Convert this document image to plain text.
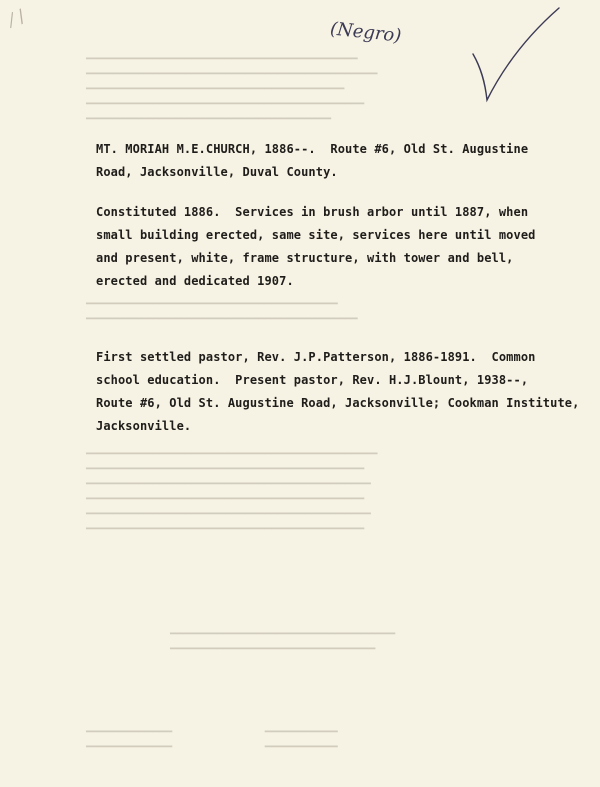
⁄ /	(Negro)
▔▔▔▔▔▔▔▔▔▔▔▔▔▔▔▔▔▔▔▔▔▔▔▔▔▔▔▔▔▔▔▔▔▔▔▔▔
▔▔▔▔▔▔▔▔▔▔▔▔▔▔▔▔▔▔▔▔▔▔▔▔▔▔▔▔▔▔▔▔▔▔▔▔▔▔▔▔▔▔
▔▔▔▔▔▔▔▔▔▔▔▔▔▔▔▔▔▔▔▔▔▔▔▔▔▔▔▔▔▔▔▔▔▔▔▔▔▔▔
▔▔▔▔▔▔▔▔▔▔▔▔▔▔▔▔▔▔▔▔▔▔▔▔▔▔▔▔▔▔▔▔▔▔▔▔▔▔▔▔▔▔▔▔
▔▔▔▔▔▔▔▔▔▔▔▔▔▔▔▔▔▔▔▔▔▔▔▔▔▔▔▔▔▔▔▔▔▔▔▔▔▔▔▔▔
▔▔▔▔▔▔▔▔▔▔▔▔▔▔▔▔▔▔▔▔▔▔▔▔▔▔▔▔▔▔▔▔▔▔▔▔▔▔▔▔▔
▔▔▔▔▔▔▔▔▔▔▔▔▔▔▔▔▔▔▔▔▔▔▔▔▔▔▔▔▔▔▔▔▔▔▔▔▔▔
▔▔▔▔▔▔▔▔▔▔▔▔▔▔▔▔▔▔▔▔▔▔▔▔▔▔▔▔▔▔▔▔▔▔▔▔▔▔▔▔▔▔
▔▔▔▔▔▔▔▔▔▔▔▔▔▔▔▔▔▔▔▔▔▔▔▔▔▔▔▔▔▔▔▔▔▔▔▔▔▔▔▔▔▔▔
▔▔▔▔▔▔▔▔▔▔▔▔▔▔▔▔▔▔▔▔▔▔▔▔▔▔▔▔▔▔▔▔▔▔▔▔▔▔▔▔▔▔
▔▔▔▔▔▔▔▔▔▔▔▔▔▔▔▔▔▔▔▔▔▔▔▔▔▔▔▔▔▔▔▔▔▔▔▔▔▔▔▔▔▔▔
▔▔▔▔▔▔▔▔▔▔▔▔▔▔▔▔▔▔▔▔▔▔▔▔▔▔▔▔▔▔▔▔▔▔▔▔▔▔▔▔▔▔
▔▔▔▔▔▔▔▔▔▔▔▔▔▔▔▔▔▔▔▔▔▔▔▔▔▔▔▔▔▔▔▔▔▔▔▔▔▔▔▔▔▔▔▔
▔▔▔▔▔▔▔▔▔▔▔▔▔▔▔▔▔▔▔▔▔▔▔▔▔▔▔▔▔▔▔
▔▔▔▔▔▔▔▔▔▔▔▔▔▔▔▔▔▔▔▔▔▔▔▔▔▔▔▔▔▔▔▔▔▔
▔▔▔▔▔▔▔▔▔▔▔▔▔              ▔▔▔▔▔▔▔▔▔▔▔
▔▔▔▔▔▔▔▔▔▔▔▔▔              ▔▔▔▔▔▔▔▔▔▔▔
MT. MORIAH M.E.CHURCH, 1886--.  Route #6, Old St. Augustine
Road, Jacksonville, Duval County.
Constituted 1886.  Services in brush arbor until 1887, when
small building erected, same site, services here until moved
and present, white, frame structure, with tower and bell,
erected and dedicated 1907.
First settled pastor, Rev. J.P.Patterson, 1886-1891.  Common
school education.  Present pastor, Rev. H.J.Blount, 1938--,
Route #6, Old St. Augustine Road, Jacksonville; Cookman Institute,
Jacksonville.
